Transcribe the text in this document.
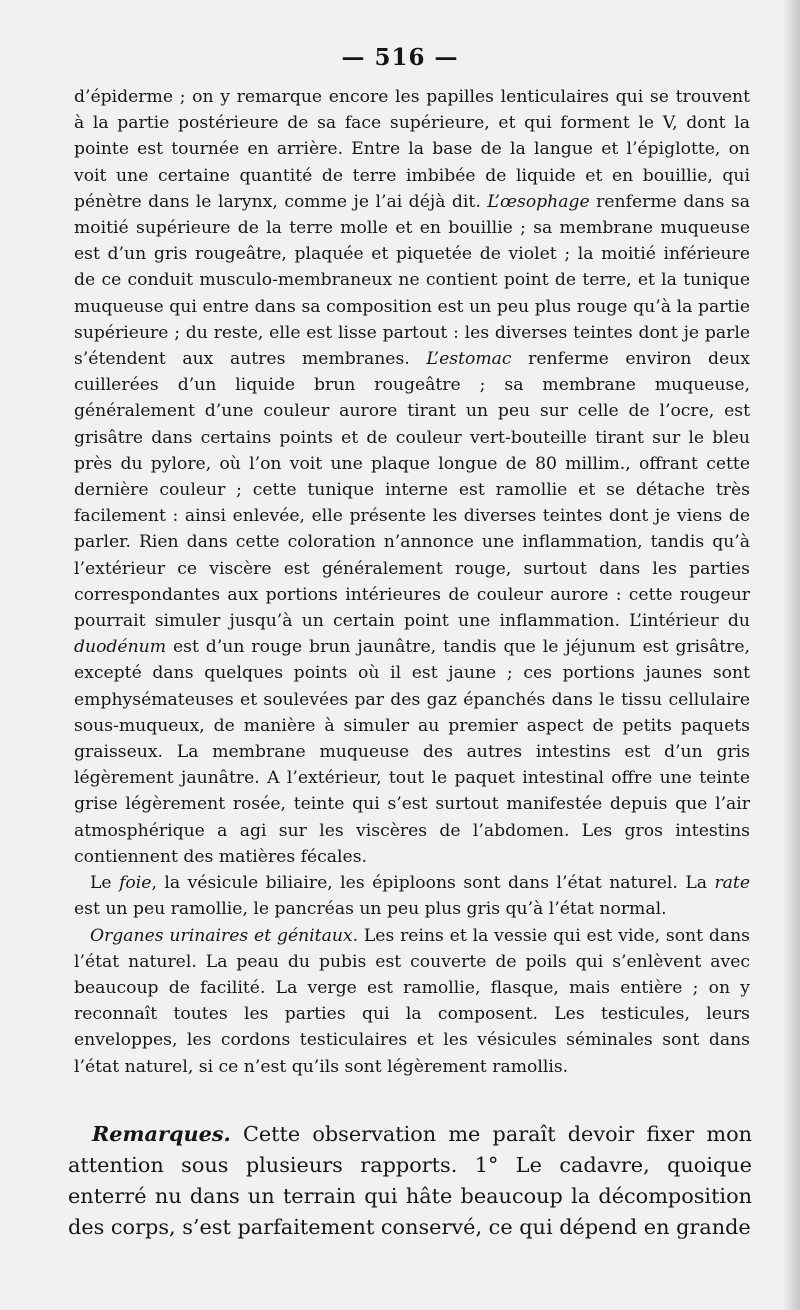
— 516 —

d’épiderme ; on y remarque encore les papilles lenticulaires qui se trouvent à la partie postérieure de sa face supérieure, et qui forment le V, dont la pointe est tournée en arrière. Entre la base de la langue et l’épiglotte, on voit une certaine quantité de terre imbibée de liquide et en bouillie, qui pénètre dans le larynx, comme je l’ai déjà dit. L’œsophage renferme dans sa moitié supérieure de la terre molle et en bouillie ; sa membrane muqueuse est d’un gris rougeâtre, plaquée et piquetée de violet ; la moitié inférieure de ce conduit musculo-membraneux ne contient point de terre, et la tunique muqueuse qui entre dans sa composition est un peu plus rouge qu’à la partie supérieure ; du reste, elle est lisse partout : les diverses teintes dont je parle s’étendent aux autres membranes. L’estomac renferme environ deux cuillerées d’un liquide brun rougeâtre ; sa membrane muqueuse, généralement d’une couleur aurore tirant un peu sur celle de l’ocre, est grisâtre dans certains points et de couleur vert-bouteille tirant sur le bleu près du pylore, où l’on voit une plaque longue de 80 millim., offrant cette dernière couleur ; cette tunique interne est ramollie et se détache très facilement : ainsi enlevée, elle présente les diverses teintes dont je viens de parler. Rien dans cette coloration n’annonce une inflammation, tandis qu’à l’extérieur ce viscère est généralement rouge, surtout dans les parties correspondantes aux portions intérieures de couleur aurore : cette rougeur pourrait simuler jusqu’à un certain point une inflammation. L’intérieur du duodénum est d’un rouge brun jaunâtre, tandis que le jéjunum est grisâtre, excepté dans quelques points où il est jaune ; ces portions jaunes sont emphysémateuses et soulevées par des gaz épanchés dans le tissu cellulaire sous-muqueux, de manière à simuler au premier aspect de petits paquets graisseux. La membrane muqueuse des autres intestins est d’un gris légèrement jaunâtre. A l’extérieur, tout le paquet intestinal offre une teinte grise légèrement rosée, teinte qui s’est surtout manifestée depuis que l’air atmosphérique a agi sur les viscères de l’abdomen. Les gros intestins contiennent des matières fécales.

Le foie, la vésicule biliaire, les épiploons sont dans l’état naturel. La rate est un peu ramollie, le pancréas un peu plus gris qu’à l’état normal.

Organes urinaires et génitaux. Les reins et la vessie qui est vide, sont dans l’état naturel. La peau du pubis est couverte de poils qui s’enlèvent avec beaucoup de facilité. La verge est ramollie, flasque, mais entière ; on y reconnaît toutes les parties qui la composent. Les testicules, leurs enveloppes, les cordons testiculaires et les vésicules séminales sont dans l’état naturel, si ce n’est qu’ils sont légèrement ramollis.

Remarques. Cette observation me paraît devoir fixer mon attention sous plusieurs rapports. 1° Le cadavre, quoique enterré nu dans un terrain qui hâte beaucoup la décomposition des corps, s’est parfaitement conservé, ce qui dépend en grande
